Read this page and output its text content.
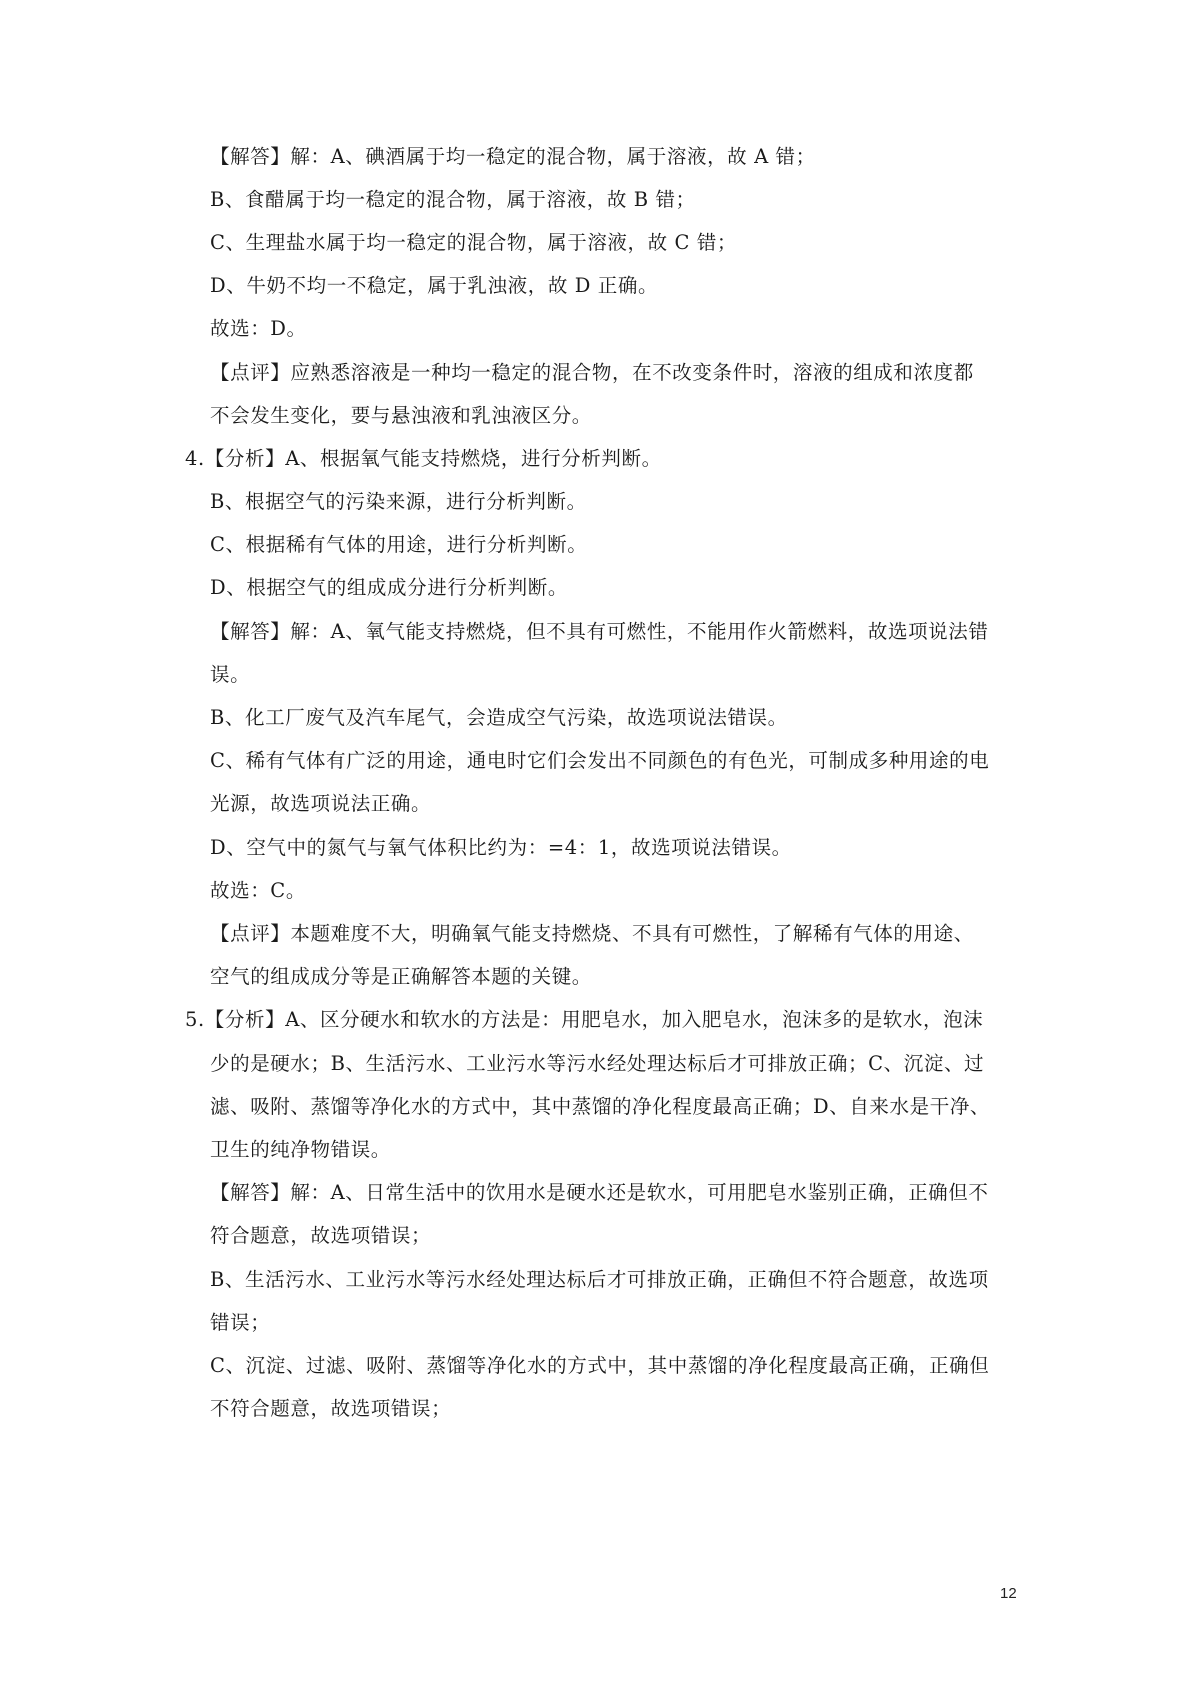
【解答】解：A、碘酒属于均一稳定的混合物，属于溶液，故 A 错；
B、食醋属于均一稳定的混合物，属于溶液，故 B 错；
C、生理盐水属于均一稳定的混合物，属于溶液，故 C 错；
D、牛奶不均一不稳定，属于乳浊液，故 D 正确。
故选：D。
【点评】应熟悉溶液是一种均一稳定的混合物，在不改变条件时，溶液的组成和浓度都
不会发生变化，要与悬浊液和乳浊液区分。
4.【分析】A、根据氧气能支持燃烧，进行分析判断。
B、根据空气的污染来源，进行分析判断。
C、根据稀有气体的用途，进行分析判断。
D、根据空气的组成成分进行分析判断。
【解答】解：A、氧气能支持燃烧，但不具有可燃性，不能用作火箭燃料，故选项说法错
误。
B、化工厂废气及汽车尾气，会造成空气污染，故选项说法错误。
C、稀有气体有广泛的用途，通电时它们会发出不同颜色的有色光，可制成多种用途的电
光源，故选项说法正确。
D、空气中的氮气与氧气体积比约为：=4：1，故选项说法错误。
故选：C。
【点评】本题难度不大，明确氧气能支持燃烧、不具有可燃性，了解稀有气体的用途、
空气的组成成分等是正确解答本题的关键。
5.【分析】A、区分硬水和软水的方法是：用肥皂水，加入肥皂水，泡沫多的是软水，泡沫
少的是硬水；B、生活污水、工业污水等污水经处理达标后才可排放正确；C、沉淀、过
滤、吸附、蒸馏等净化水的方式中，其中蒸馏的净化程度最高正确；D、自来水是干净、
卫生的纯净物错误。
【解答】解：A、日常生活中的饮用水是硬水还是软水，可用肥皂水鉴别正确，正确但不
符合题意，故选项错误；
B、生活污水、工业污水等污水经处理达标后才可排放正确，正确但不符合题意，故选项
错误；
C、沉淀、过滤、吸附、蒸馏等净化水的方式中，其中蒸馏的净化程度最高正确，正确但
不符合题意，故选项错误；
12
